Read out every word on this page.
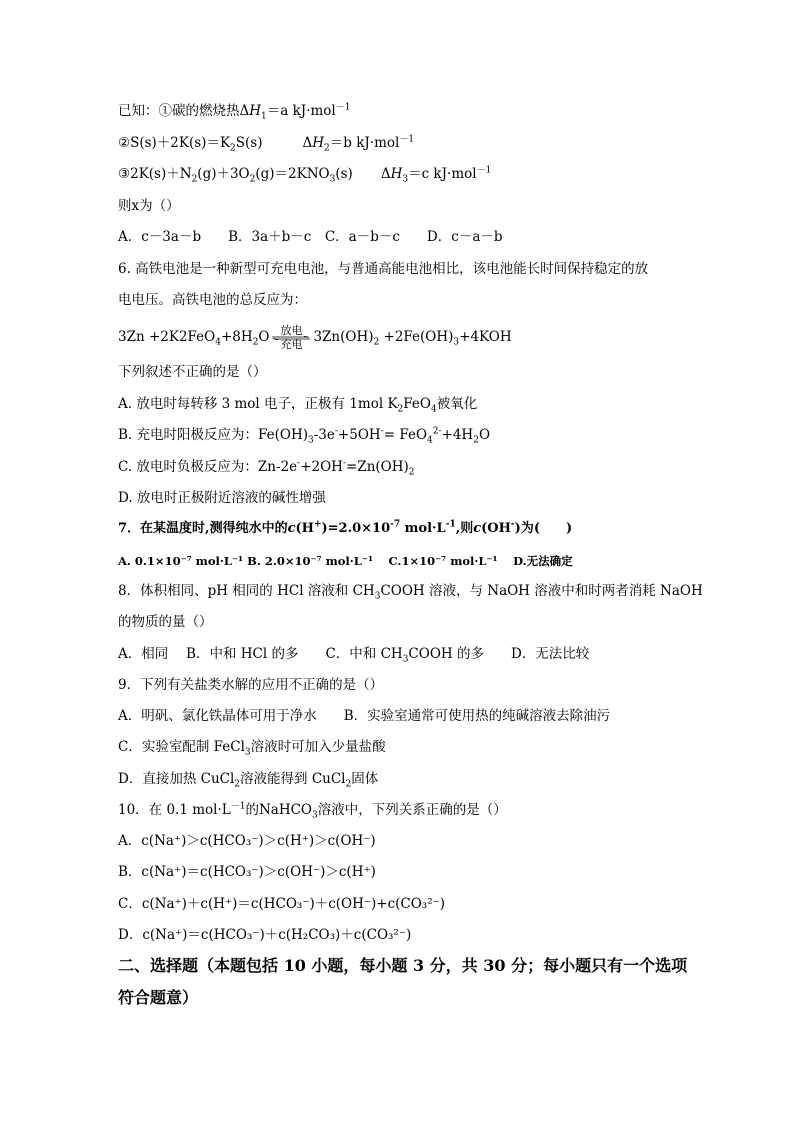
已知：①碳的燃烧热$\Delta H_1=a$ kJ·mol$^{-1}$
$②S(s)+2K(s)=K_2S(s)$	$\Delta H_2=b$ kJ·mol$^{-1}$
$③2K(s)+N_2(g)+3O_2(g)=2KNO_3(s)$ $\Delta H_3=c$ kJ·mol$^{-1}$
则x为（）
A．c－3a－b　　B．3a＋b－c　C．a－b－c　　D．c－a－b
6. 高铁电池是一种新型可充电电池，与普通高能电池相比，该电池能长时间保持稳定的放
电电压。高铁电池的总反应为：
$3Zn +2K2FeO_4+8H_2O$	放电
充电 $3Zn(OH)_2 +2Fe(OH)_3+4KOH$
下列叙述不正确的是（）
A. 放电时每转移 3 mol 电子，正极有 1mol $K_2FeO_4$被氧化
B. 充电时阳极反应为：$Fe(OH)_3-3e^-+5OH^-= FeO_4^{2-}+4H_2O$
C. 放电时负极反应为：$Zn-2e^-+2OH^-=Zn(OH)_2$
D. 放电时正极附近溶液的碱性增强
7．在某温度时,测得纯水中的$c(H^+)=2.0\times 10^{-7}$ $mol\cdot L^{-1}$,则c(OH-)为(　　)
A. 0.1×10⁻⁷ mol·L⁻¹ B. 2.0×10⁻⁷ mol·L⁻¹　 C.1×10⁻⁷ mol·L⁻¹　 D.无法确定
8．体积相同、pH 相同的 HCl 溶液和 $CH_3COOH$ 溶液，与 NaOH 溶液中和时两者消耗 NaOH
的物质的量（）
A．相同　 B．中和 HCl 的多　　C．中和 $CH_3COOH$ 的多　　D．无法比较
9．下列有关盐类水解的应用不正确的是（）
A．明矾、氯化铁晶体可用于净水　　B．实验室通常可使用热的纯碱溶液去除油污
C．实验室配制 FeCl$_3$溶液时可加入少量盐酸
D．直接加热 CuCl$_2$溶液能得到 CuCl$_2$固体
10．在 0.1 $mol\cdot L^{-1}$的NaHCO$_3$溶液中，下列关系正确的是（）
A．c(Na⁺)＞c(HCO₃⁻)＞c(H⁺)＞c(OH⁻)
B．c(Na⁺)＝c(HCO₃⁻)＞c(OH⁻)＞c(H⁺)
C．c(Na⁺)＋c(H⁺)＝c(HCO₃⁻)＋c(OH⁻)+c(CO₃²⁻)
D．c(Na⁺)＝c(HCO₃⁻)＋c(H₂CO₃)＋c(CO₃²⁻)
二、选择题（本题包括 10 小题，每小题 3 分，共 30 分；每小题只有一个选项
符合题意）
